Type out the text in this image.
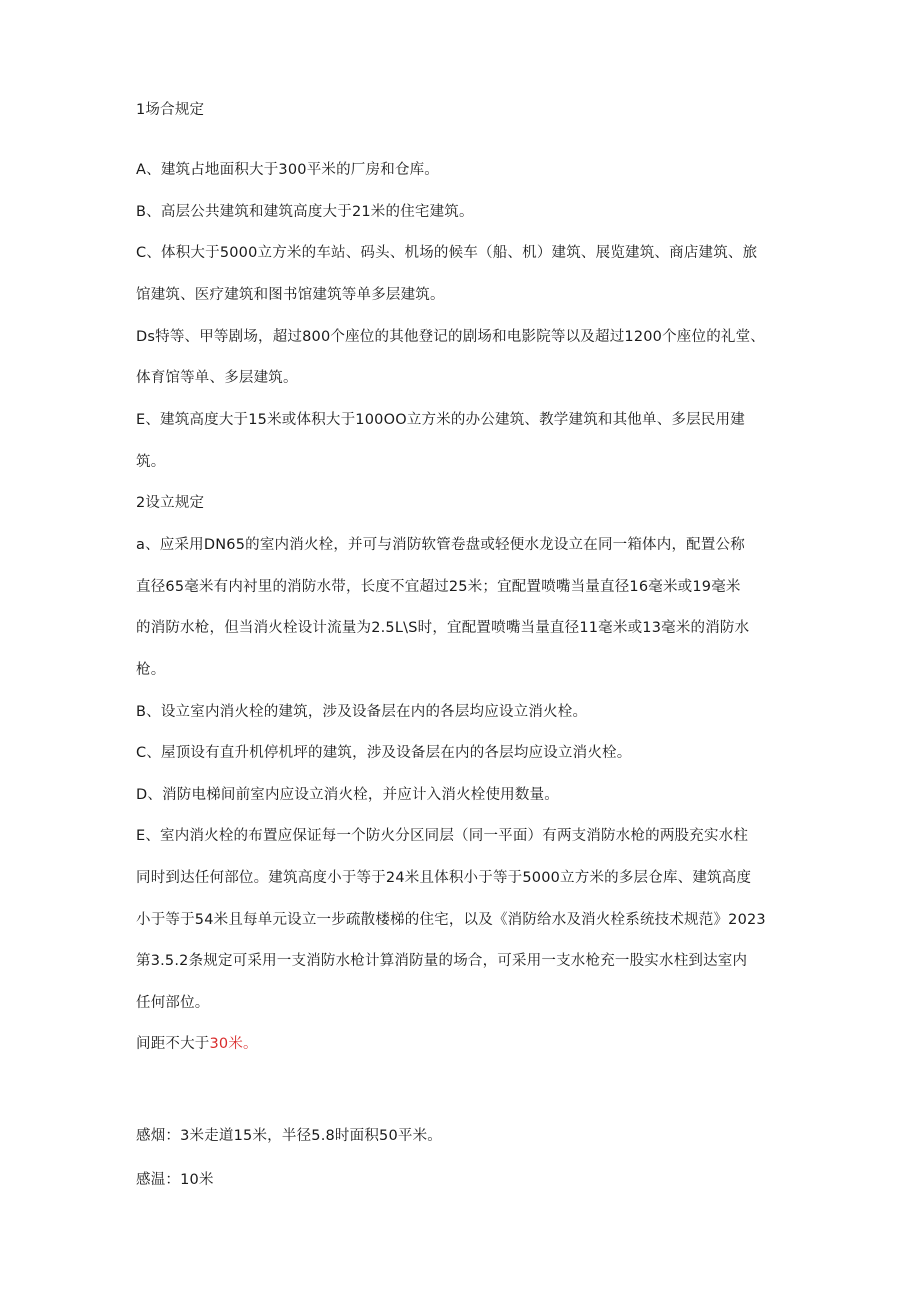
1场合规定
A、建筑占地面积大于300平米的厂房和仓库。
B、高层公共建筑和建筑高度大于21米的住宅建筑。
C、体积大于5000立方米的车站、码头、机场的候车（船、机）建筑、展览建筑、商店建筑、旅
馆建筑、医疗建筑和图书馆建筑等单多层建筑。
Ds特等、甲等剧场，超过800个座位的其他登记的剧场和电影院等以及超过1200个座位的礼堂、
体育馆等单、多层建筑。
E、建筑高度大于15米或体积大于100OO立方米的办公建筑、教学建筑和其他单、多层民用建
筑。
2设立规定
a、应采用DN65的室内消火栓，并可与消防软管卷盘或轻便水龙设立在同一箱体内，配置公称
直径65毫米有内衬里的消防水带，长度不宜超过25米；宜配置喷嘴当量直径16毫米或19毫米
的消防水枪，但当消火栓设计流量为2.5L\S时，宜配置喷嘴当量直径11毫米或13毫米的消防水
枪。
B、设立室内消火栓的建筑，涉及设备层在内的各层均应设立消火栓。
C、屋顶设有直升机停机坪的建筑，涉及设备层在内的各层均应设立消火栓。
D、消防电梯间前室内应设立消火栓，并应计入消火栓使用数量。
E、室内消火栓的布置应保证每一个防火分区同层（同一平面）有两支消防水枪的两股充实水柱
同时到达任何部位。建筑高度小于等于24米且体积小于等于5000立方米的多层仓库、建筑高度
小于等于54米且每单元设立一步疏散楼梯的住宅，以及《消防给水及消火栓系统技术规范》2023
第3.5.2条规定可采用一支消防水枪计算消防量的场合，可采用一支水枪充一股实水柱到达室内
任何部位。
间距不大于30米。
感烟：3米走道15米，半径5.8时面积50平米。
感温：10米
